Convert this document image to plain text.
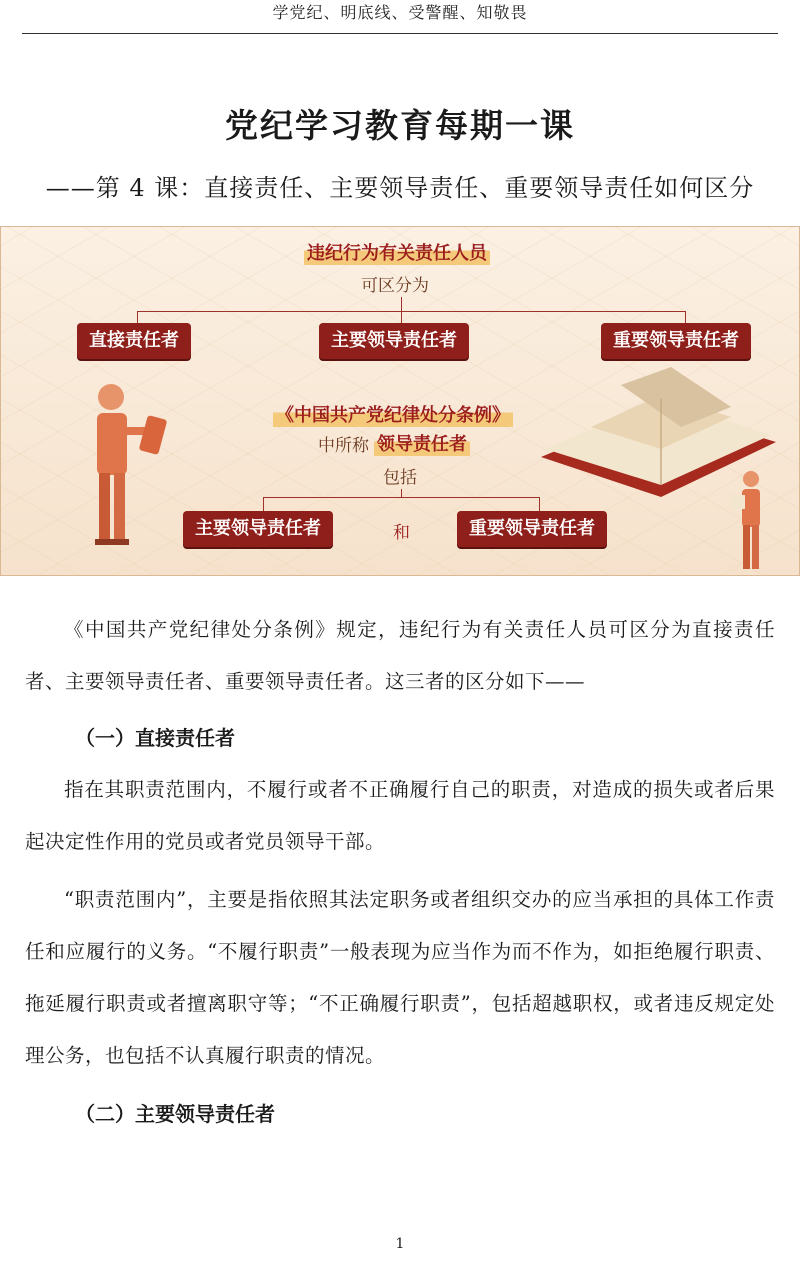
学党纪、明底线、受警醒、知敬畏
党纪学习教育每期一课
——第 4 课：直接责任、主要领导责任、重要领导责任如何区分
违纪行为有关责任人员
可区分为
直接责任者	主要领导责任者	重要领导责任者
《中国共产党纪律处分条例》
中所称 领导责任者
包括
主要领导责任者	和	重要领导责任者
《中国共产党纪律处分条例》规定，违纪行为有关责任人员可区分为直接责任者、主要领导责任者、重要领导责任者。这三者的区分如下——
（一）直接责任者
指在其职责范围内，不履行或者不正确履行自己的职责，对造成的损失或者后果起决定性作用的党员或者党员领导干部。
“职责范围内”，主要是指依照其法定职务或者组织交办的应当承担的具体工作责任和应履行的义务。“不履行职责”一般表现为应当作为而不作为，如拒绝履行职责、拖延履行职责或者擅离职守等；“不正确履行职责”，包括超越职权，或者违反规定处理公务，也包括不认真履行职责的情况。
（二）主要领导责任者
1
